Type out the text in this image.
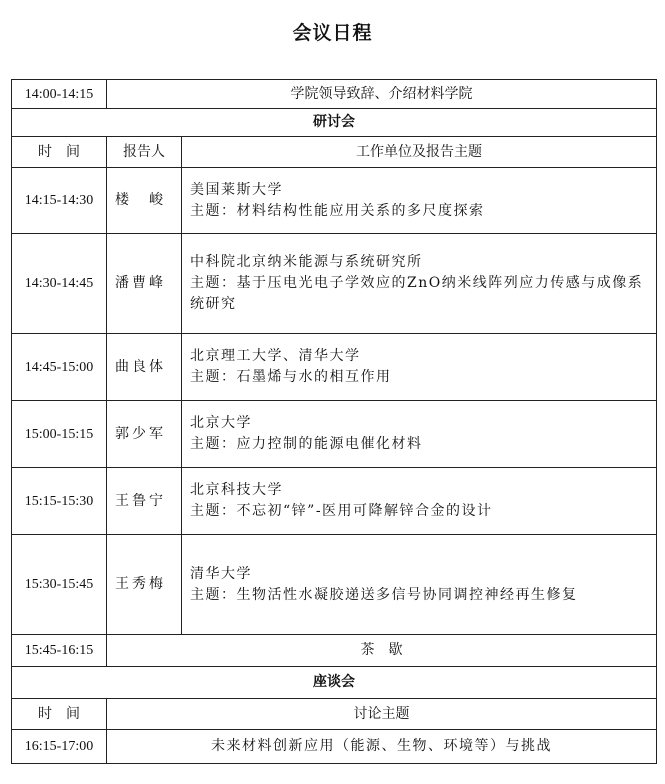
会议日程
14:00-14:15	学院领导致辞、介绍材料学院	
研讨会		
时　间	报告人	工作单位及报告主题
14:15-14:30	楼　峻	美国莱斯大学
主题：材料结构性能应用关系的多尺度探索

14:30-14:45	潘曹峰	中科院北京纳米能源与系统研究所
主题：基于压电光电子学效应的ZnO纳米线阵列应力传感与成像系统研究

14:45-15:00	曲良体	北京理工大学、清华大学
主题：石墨烯与水的相互作用

15:00-15:15	郭少军	北京大学
主题：应力控制的能源电催化材料

15:15-15:30	王鲁宁	北京科技大学
主题：不忘初“锌”-医用可降解锌合金的设计

15:30-15:45	王秀梅	清华大学
主题：生物活性水凝胶递送多信号协同调控神经再生修复

15:45-16:15	茶　歇	
座谈会		
时　间	讨论主题	
16:15-17:00	未来材料创新应用（能源、生物、环境等）与挑战	
